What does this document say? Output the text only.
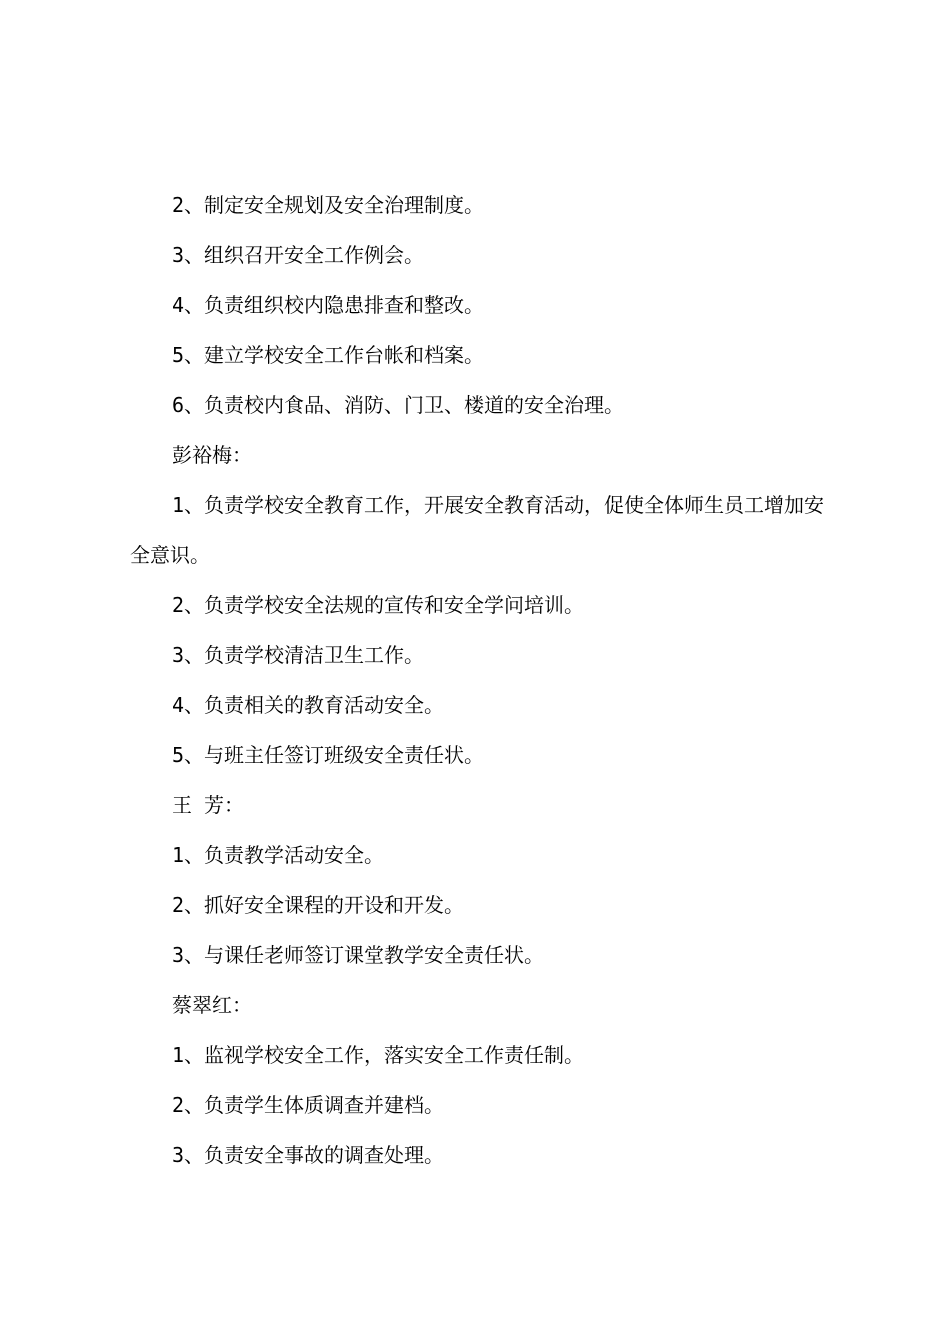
2、制定安全规划及安全治理制度。

3、组织召开安全工作例会。

4、负责组织校内隐患排查和整改。

5、建立学校安全工作台帐和档案。

6、负责校内食品、消防、门卫、楼道的安全治理。

彭裕梅：

1、负责学校安全教育工作，开展安全教育活动，促使全体师生员工增加安全意识。

2、负责学校安全法规的宣传和安全学问培训。

3、负责学校清洁卫生工作。

4、负责相关的教育活动安全。

5、与班主任签订班级安全责任状。

王 芳：

1、负责教学活动安全。

2、抓好安全课程的开设和开发。

3、与课任老师签订课堂教学安全责任状。

蔡翠红：

1、监视学校安全工作，落实安全工作责任制。

2、负责学生体质调查并建档。

3、负责安全事故的调查处理。
